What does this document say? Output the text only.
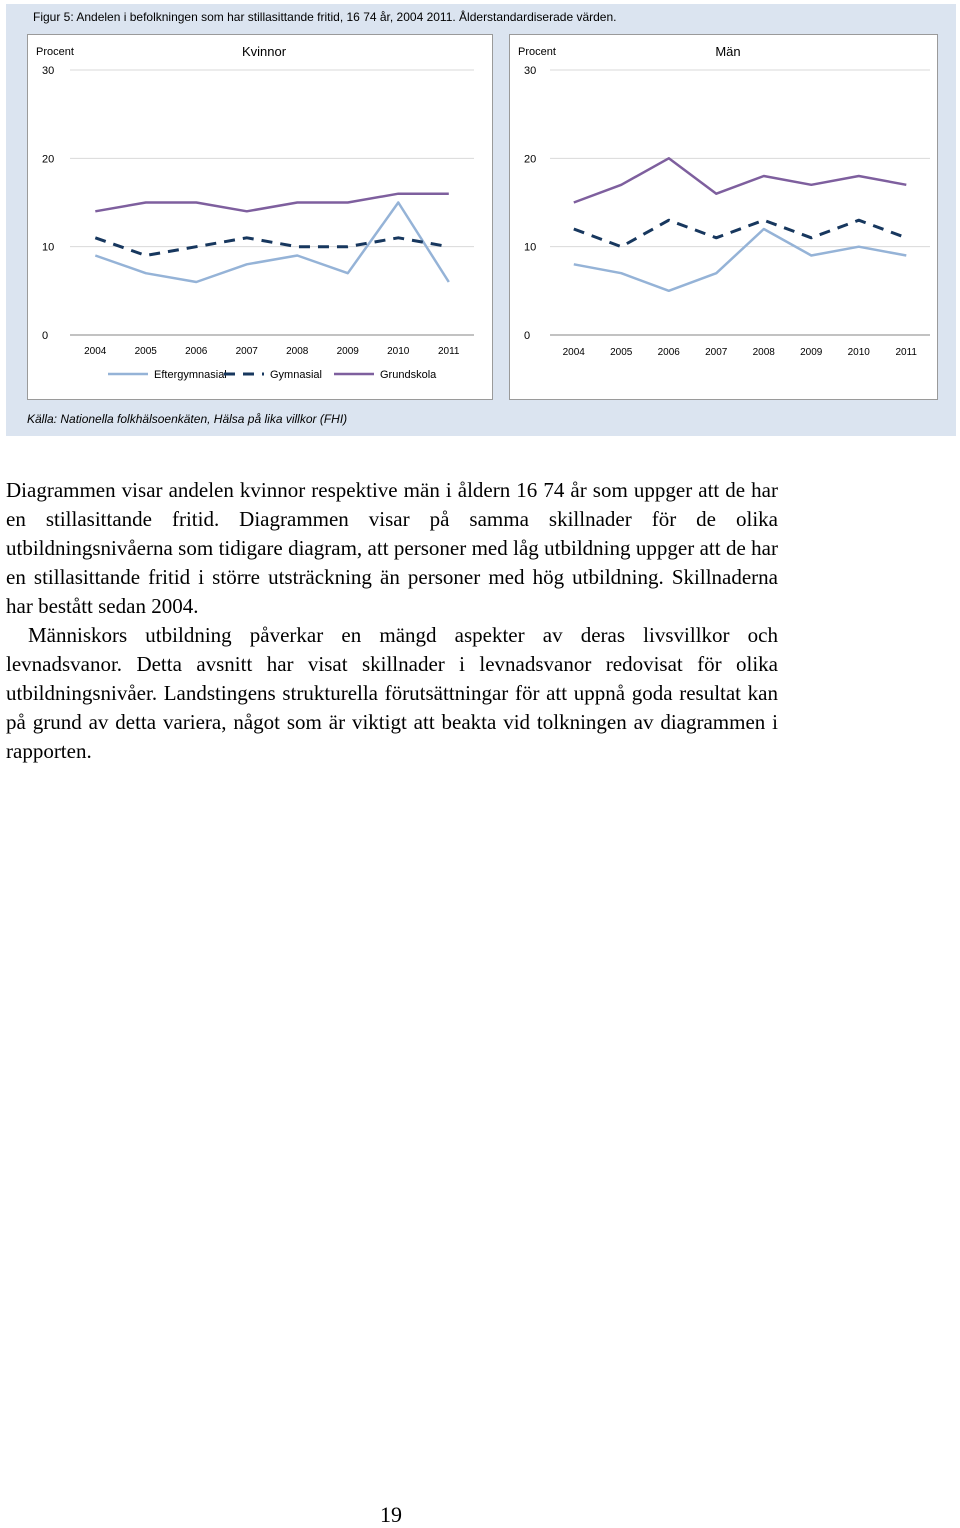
Figur 5: Andelen i befolkningen som har stillasittande fritid, 16 74 år, 2004 2011. Ålderstandardiserade värden.
Procent	Kvinnor
0
10
20
30
2004	2005	2006	2007	2008	2009	2010	2011
Eftergymnasial	Gymnasial	Grundskola
Procent	Män
0
10
20
30
2004	2005	2006	2007	2008	2009	2010	2011
Källa: Nationella folkhälsoenkäten, Hälsa på lika villkor (FHI)

Diagrammen visar andelen kvinnor respektive män i åldern 16 74 år som uppger att de har en stillasittande fritid. Diagrammen visar på samma skillnader för de olika utbildningsnivåerna som tidigare diagram, att personer med låg utbildning uppger att de har en stillasittande fritid i större utsträckning än personer med hög utbildning. Skillnaderna har bestått sedan 2004.

Människors utbildning påverkar en mängd aspekter av deras livsvillkor och levnadsvanor. Detta avsnitt har visat skillnader i levnadsvanor redovisat för olika utbildningsnivåer. Landstingens strukturella förutsättningar för att uppnå goda resultat kan på grund av detta variera, något som är viktigt att beakta vid tolkningen av diagrammen i rapporten.

19
